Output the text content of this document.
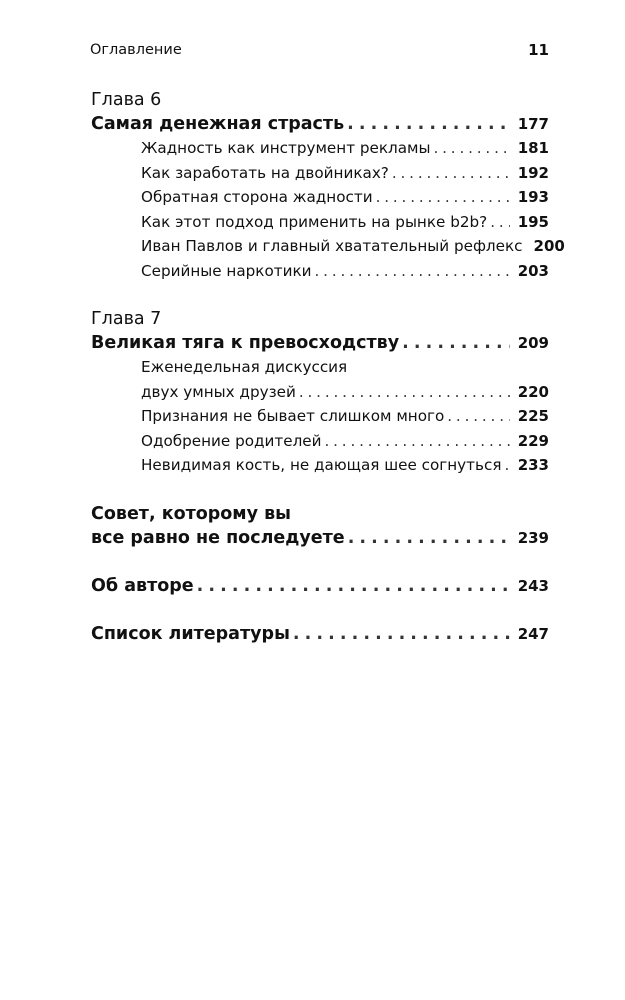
Оглавление	11
Глава 6
Самая денежная страсть . . .	177
Жадность как инструмент рекламы . . .	181
Как заработать на двойниках? . . .	192
Обратная сторона жадности . . .	193
Как этот подход применить на рынке b2b? . . . 195
Иван Павлов и главный хватательный рефлекс 200
Серийные наркотики . . .	203
Глава 7
Великая тяга к превосходству . . .	209
Еженедельная дискуссия
двух умных друзей . . .	220
Признания не бывает слишком много . . .	225
Одобрение родителей . . .	229
Невидимая кость, не дающая шее согнуться . . . 233
Совет, которому вы
все равно не последуете . . .	239
Об авторе . . .	243
Список литературы . . .	247
